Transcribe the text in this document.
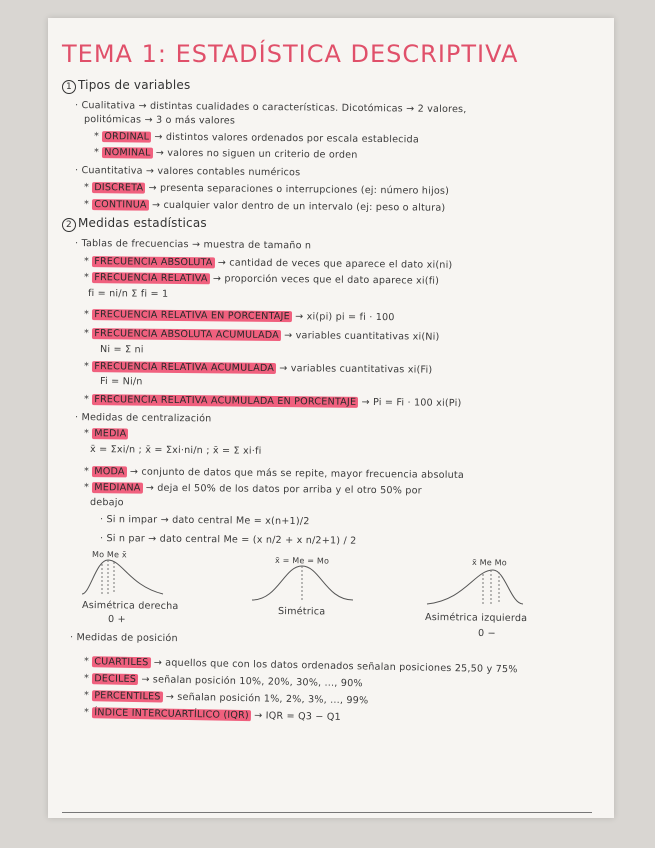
TEMA 1: ESTADÍSTICA DESCRIPTIVA
1 Tipos de variables
· Cualitativa → distintas cualidades o características. Dicotómicas → 2 valores,
politómicas → 3 o más valores
* ORDINAL → distintos valores ordenados por escala establecida
* NOMINAL → valores no siguen un criterio de orden
· Cuantitativa → valores contables numéricos
* DISCRETA → presenta separaciones o interrupciones (ej: número hijos)
* CONTINUA → cualquier valor dentro de un intervalo (ej: peso o altura)
2 Medidas estadísticas
· Tablas de frecuencias → muestra de tamaño n
* FRECUENCIA ABSOLUTA → cantidad de veces que aparece el dato xi(ni)
* FRECUENCIA RELATIVA → proporción veces que el dato aparece xi(fi)
fi = ni/n Σ fi = 1
* FRECUENCIA RELATIVA EN PORCENTAJE → xi(pi) pi = fi · 100
* FRECUENCIA ABSOLUTA ACUMULADA → variables cuantitativas xi(Ni)
Ni = Σ ni
* FRECUENCIA RELATIVA ACUMULADA → variables cuantitativas xi(Fi)
Fi = Ni/n
* FRECUENCIA RELATIVA ACUMULADA EN PORCENTAJE → Pi = Fi · 100 xi(Pi)
· Medidas de centralización
* MEDIA
x̄ = Σxi/n ; x̄ = Σxi·ni/n ; x̄ = Σ xi·fi
* MODA → conjunto de datos que más se repite, mayor frecuencia absoluta
* MEDIANA → deja el 50% de los datos por arriba y el otro 50% por
debajo
· Si n impar → dato central Me = x(n+1)/2
· Si n par → dato central Me = (x n/2 + x n/2+1) / 2
Mo Me x̄
Asimétrica derecha
0 +
x̄ = Me = Mo
Simétrica
x̄ Me Mo
Asimétrica izquierda
0 −
· Medidas de posición
* CUARTILES → aquellos que con los datos ordenados señalan posiciones 25,50 y 75%
* DECILES → señalan posición 10%, 20%, 30%, ..., 90%
* PERCENTILES → señalan posición 1%, 2%, 3%, ..., 99%
* ÍNDICE INTERCUARTÍLICO (IQR) → IQR = Q3 − Q1
